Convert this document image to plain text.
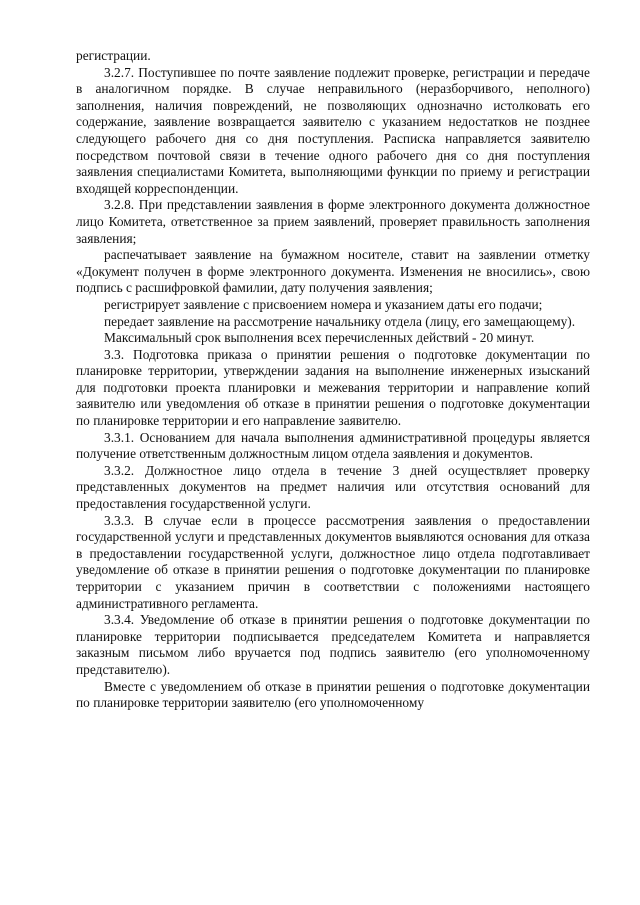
регистрации.

3.2.7. Поступившее по почте заявление подлежит проверке, регистрации и передаче в аналогичном порядке. В случае неправильного (неразборчивого, неполного) заполнения, наличия повреждений, не позволяющих однозначно истолковать его содержание, заявление возвращается заявителю с указанием недостатков не позднее следующего рабочего дня со дня поступления. Расписка направляется заявителю посредством почтовой связи в течение одного рабочего дня со дня поступления заявления специалистами Комитета, выполняющими функции по приему и регистрации входящей корреспонденции.

3.2.8. При представлении заявления в форме электронного документа должностное лицо Комитета, ответственное за прием заявлений, проверяет правильность заполнения заявления;

распечатывает заявление на бумажном носителе, ставит на заявлении отметку «Документ получен в форме электронного документа. Изменения не вносились», свою подпись с расшифровкой фамилии, дату получения заявления;

регистрирует заявление с присвоением номера и указанием даты его подачи;

передает заявление на рассмотрение начальнику отдела (лицу, его замещающему).

Максимальный срок выполнения всех перечисленных действий - 20 минут.

3.3. Подготовка приказа о принятии решения о подготовке документации по планировке территории, утверждении задания на выполнение инженерных изысканий для подготовки проекта планировки и межевания территории и направление копий заявителю или уведомления об отказе в принятии решения о подготовке документации по планировке территории и его направление заявителю.

3.3.1. Основанием для начала выполнения административной процедуры является получение ответственным должностным лицом отдела заявления и документов.

3.3.2. Должностное лицо отдела в течение 3 дней осуществляет проверку представленных документов на предмет наличия или отсутствия оснований для предоставления государственной услуги.

3.3.3. В случае если в процессе рассмотрения заявления о предоставлении государственной услуги и представленных документов выявляются основания для отказа в предоставлении государственной услуги, должностное лицо отдела подготавливает уведомление об отказе в принятии решения о подготовке документации по планировке территории с указанием причин в соответствии с положениями настоящего административного регламента.

3.3.4. Уведомление об отказе в принятии решения о подготовке документации по планировке территории подписывается председателем Комитета и направляется заказным письмом либо вручается под подпись заявителю (его уполномоченному представителю).

Вместе с уведомлением об отказе в принятии решения о подготовке документации по планировке территории заявителю (его уполномоченному
